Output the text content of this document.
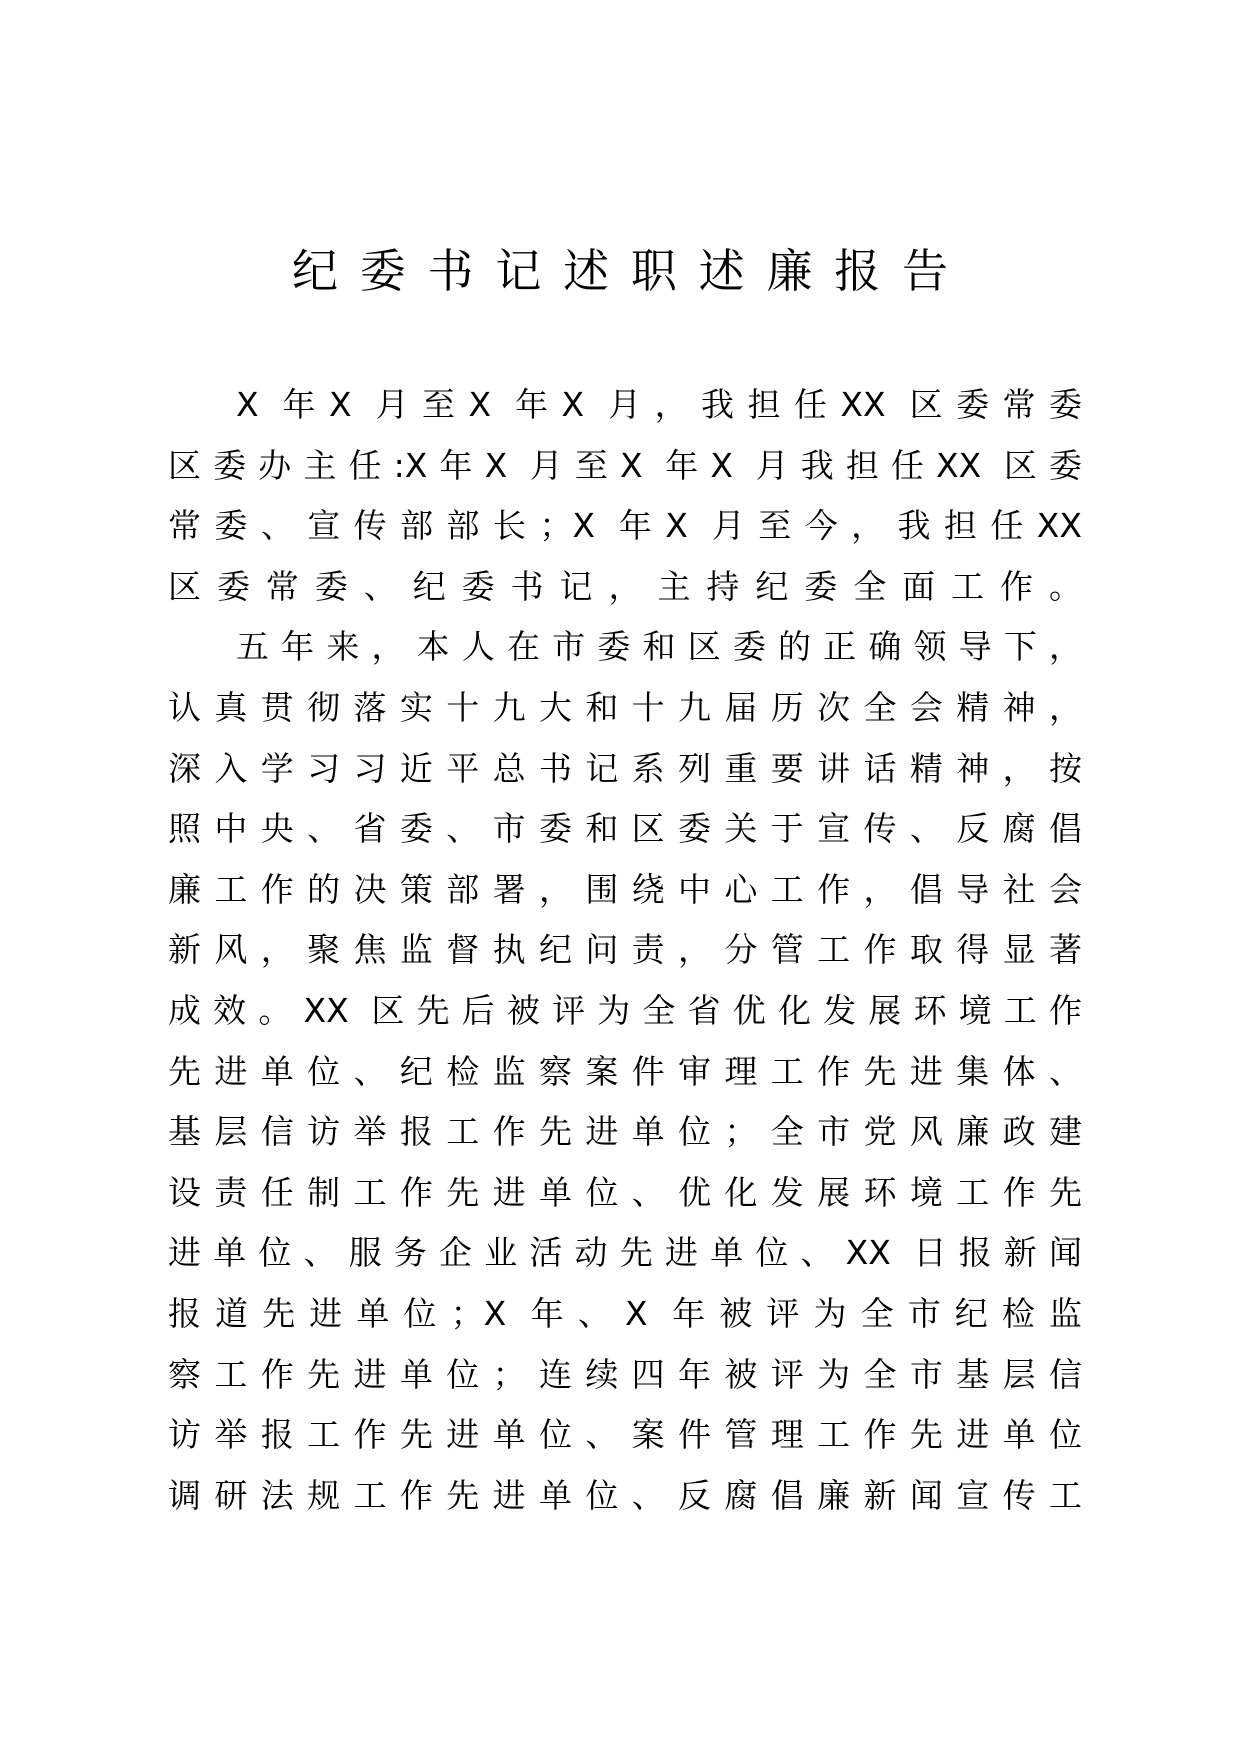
纪委书记述职述廉报告
X 年X 月至X 年X 月，我担任XX 区委常委
区委办主任:X年X 月至X 年X 月我担任XX 区委
常委、宣传部部长；X 年X 月至今，我担任XX
区委常委、纪委书记，主持纪委全面工作。
五年来，本人在市委和区委的正确领导下，
认真贯彻落实十九大和十九届历次全会精神，
深入学习习近平总书记系列重要讲话精神，按
照中央、省委、市委和区委关于宣传、反腐倡
廉工作的决策部署，围绕中心工作，倡导社会
新风，聚焦监督执纪问责，分管工作取得显著
成效。XX 区先后被评为全省优化发展环境工作
先进单位、纪检监察案件审理工作先进集体、
基层信访举报工作先进单位；全市党风廉政建
设责任制工作先进单位、优化发展环境工作先
进单位、服务企业活动先进单位、XX 日报新闻
报道先进单位；X 年、X 年被评为全市纪检监
察工作先进单位；连续四年被评为全市基层信
访举报工作先进单位、案件管理工作先进单位
调研法规工作先进单位、反腐倡廉新闻宣传工
